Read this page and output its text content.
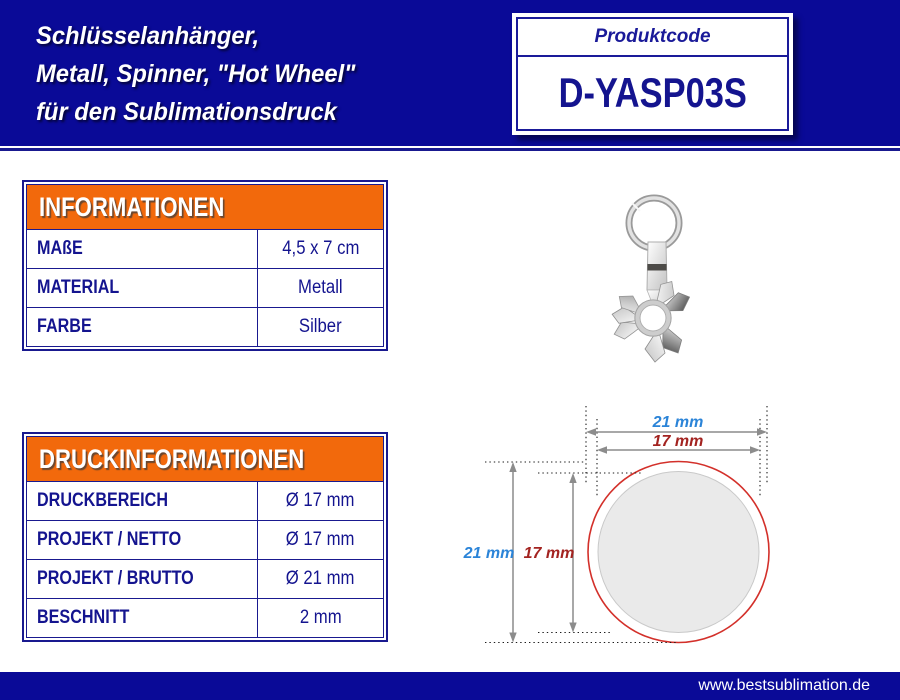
Schlüsselanhänger,
Metall, Spinner, "Hot Wheel"
für den Sublimationsdruck
Produktcode
D-YASP03S
INFORMATIONEN
MAßE	4,5 x 7 cm
MATERIAL	Metall
FARBE	Silber
DRUCKINFORMATIONEN
DRUCKBEREICH	Ø 17 mm
PROJEKT / NETTO	Ø 17 mm
PROJEKT / BRUTTO	Ø 21 mm
BESCHNITT	2 mm
21 mm
17 mm
21 mm 17 mm
www.bestsublimation.de
